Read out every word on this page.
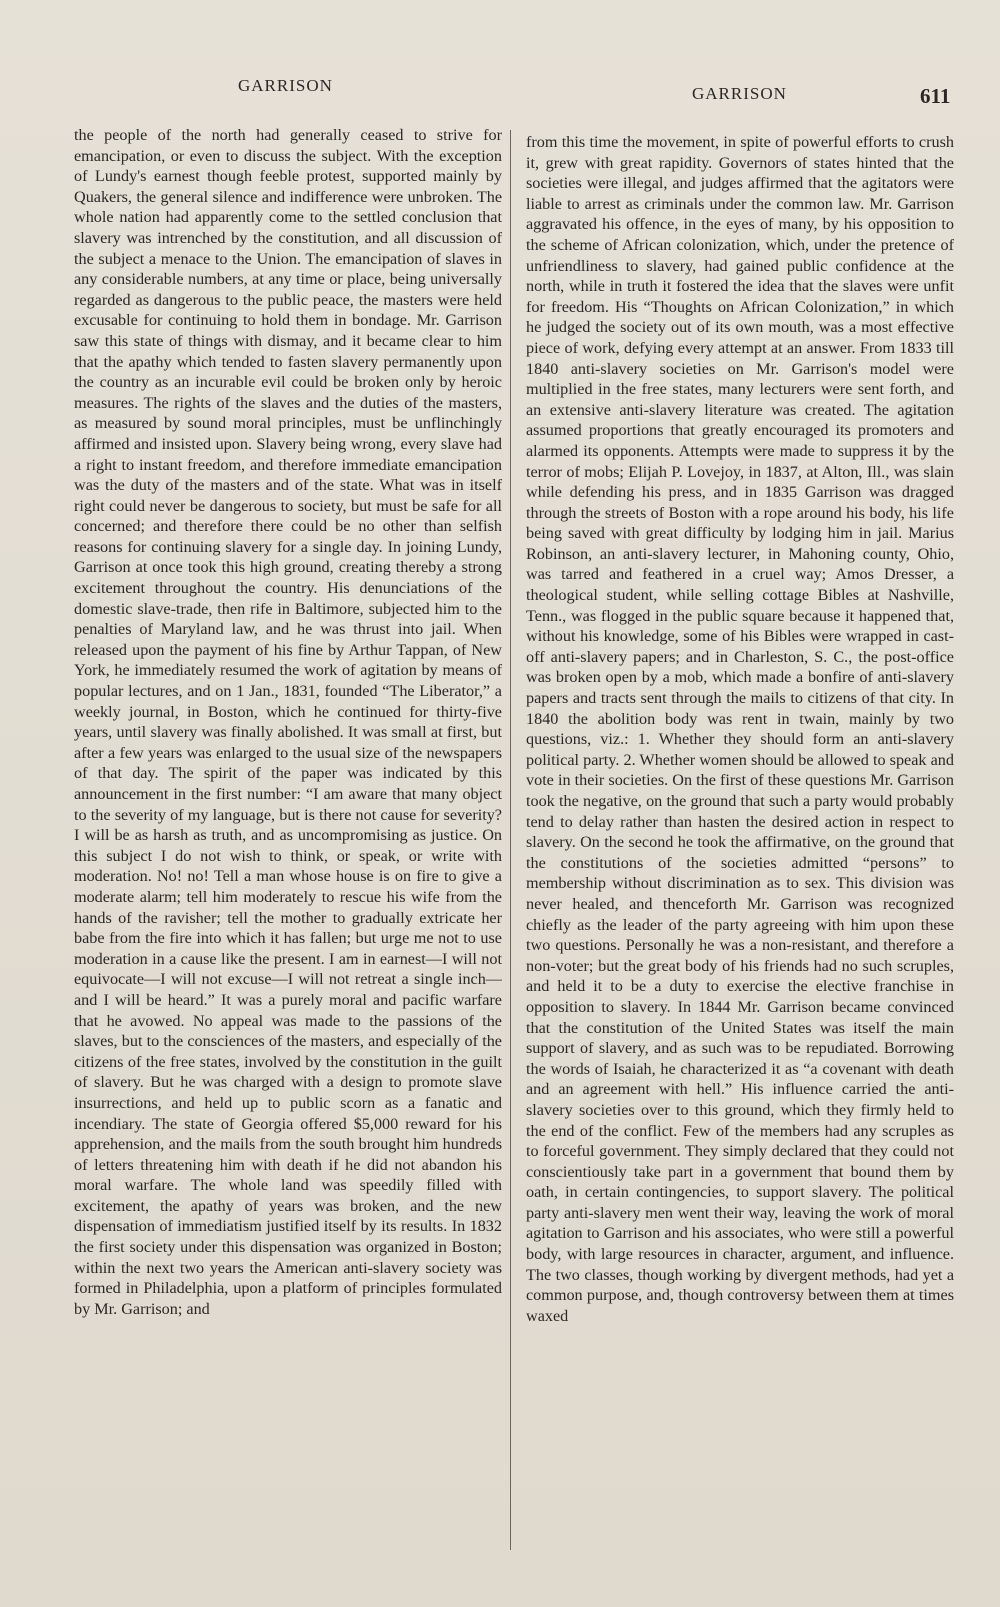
GARRISON	GARRISON	611

the people of the north had generally ceased to strive for emancipation, or even to discuss the subject. With the exception of Lundy's earnest though feeble protest, supported mainly by Quakers, the general silence and indifference were unbroken. The whole nation had apparently come to the settled conclusion that slavery was intrenched by the constitution, and all discussion of the subject a menace to the Union. The emancipation of slaves in any considerable numbers, at any time or place, being universally regarded as dangerous to the public peace, the masters were held excusable for continuing to hold them in bondage. Mr. Garrison saw this state of things with dismay, and it became clear to him that the apathy which tended to fasten slavery permanently upon the country as an incurable evil could be broken only by heroic measures. The rights of the slaves and the duties of the masters, as measured by sound moral principles, must be unflinchingly affirmed and insisted upon. Slavery being wrong, every slave had a right to instant freedom, and therefore immediate emancipation was the duty of the masters and of the state. What was in itself right could never be dangerous to society, but must be safe for all concerned; and therefore there could be no other than selfish reasons for continuing slavery for a single day. In joining Lundy, Garrison at once took this high ground, creating thereby a strong excitement throughout the country. His denunciations of the domestic slave-trade, then rife in Baltimore, subjected him to the penalties of Maryland law, and he was thrust into jail. When released upon the payment of his fine by Arthur Tappan, of New York, he immediately resumed the work of agitation by means of popular lectures, and on 1 Jan., 1831, founded “The Liberator,” a weekly journal, in Boston, which he continued for thirty-five years, until slavery was finally abolished. It was small at first, but after a few years was enlarged to the usual size of the newspapers of that day. The spirit of the paper was indicated by this announcement in the first number: “I am aware that many object to the severity of my language, but is there not cause for severity? I will be as harsh as truth, and as uncompromising as justice. On this subject I do not wish to think, or speak, or write with moderation. No! no! Tell a man whose house is on fire to give a moderate alarm; tell him moderately to rescue his wife from the hands of the ravisher; tell the mother to gradually extricate her babe from the fire into which it has fallen; but urge me not to use moderation in a cause like the present. I am in earnest—I will not equivocate—I will not excuse—I will not retreat a single inch—and I will be heard.” It was a purely moral and pacific warfare that he avowed. No appeal was made to the passions of the slaves, but to the consciences of the masters, and especially of the citizens of the free states, involved by the constitution in the guilt of slavery. But he was charged with a design to promote slave insurrections, and held up to public scorn as a fanatic and incendiary. The state of Georgia offered $5,000 reward for his apprehension, and the mails from the south brought him hundreds of letters threatening him with death if he did not abandon his moral warfare. The whole land was speedily filled with excitement, the apathy of years was broken, and the new dispensation of immediatism justified itself by its results. In 1832 the first society under this dispensation was organized in Boston; within the next two years the American anti-slavery society was formed in Philadelphia, upon a platform of principles formulated by Mr. Garrison; and

from this time the movement, in spite of powerful efforts to crush it, grew with great rapidity. Governors of states hinted that the societies were illegal, and judges affirmed that the agitators were liable to arrest as criminals under the common law. Mr. Garrison aggravated his offence, in the eyes of many, by his opposition to the scheme of African colonization, which, under the pretence of unfriendliness to slavery, had gained public confidence at the north, while in truth it fostered the idea that the slaves were unfit for freedom. His “Thoughts on African Colonization,” in which he judged the society out of its own mouth, was a most effective piece of work, defying every attempt at an answer. From 1833 till 1840 anti-slavery societies on Mr. Garrison's model were multiplied in the free states, many lecturers were sent forth, and an extensive anti-slavery literature was created. The agitation assumed proportions that greatly encouraged its promoters and alarmed its opponents. Attempts were made to suppress it by the terror of mobs; Elijah P. Lovejoy, in 1837, at Alton, Ill., was slain while defending his press, and in 1835 Garrison was dragged through the streets of Boston with a rope around his body, his life being saved with great difficulty by lodging him in jail. Marius Robinson, an anti-slavery lecturer, in Mahoning county, Ohio, was tarred and feathered in a cruel way; Amos Dresser, a theological student, while selling cottage Bibles at Nashville, Tenn., was flogged in the public square because it happened that, without his knowledge, some of his Bibles were wrapped in cast-off anti-slavery papers; and in Charleston, S. C., the post-office was broken open by a mob, which made a bonfire of anti-slavery papers and tracts sent through the mails to citizens of that city. In 1840 the abolition body was rent in twain, mainly by two questions, viz.: 1. Whether they should form an anti-slavery political party. 2. Whether women should be allowed to speak and vote in their societies. On the first of these questions Mr. Garrison took the negative, on the ground that such a party would probably tend to delay rather than hasten the desired action in respect to slavery. On the second he took the affirmative, on the ground that the constitutions of the societies admitted “persons” to membership without discrimination as to sex. This division was never healed, and thenceforth Mr. Garrison was recognized chiefly as the leader of the party agreeing with him upon these two questions. Personally he was a non-resistant, and therefore a non-voter; but the great body of his friends had no such scruples, and held it to be a duty to exercise the elective franchise in opposition to slavery. In 1844 Mr. Garrison became convinced that the constitution of the United States was itself the main support of slavery, and as such was to be repudiated. Borrowing the words of Isaiah, he characterized it as “a covenant with death and an agreement with hell.” His influence carried the anti-slavery societies over to this ground, which they firmly held to the end of the conflict. Few of the members had any scruples as to forceful government. They simply declared that they could not conscientiously take part in a government that bound them by oath, in certain contingencies, to support slavery. The political party anti-slavery men went their way, leaving the work of moral agitation to Garrison and his associates, who were still a powerful body, with large resources in character, argument, and influence. The two classes, though working by divergent methods, had yet a common purpose, and, though controversy between them at times waxed
